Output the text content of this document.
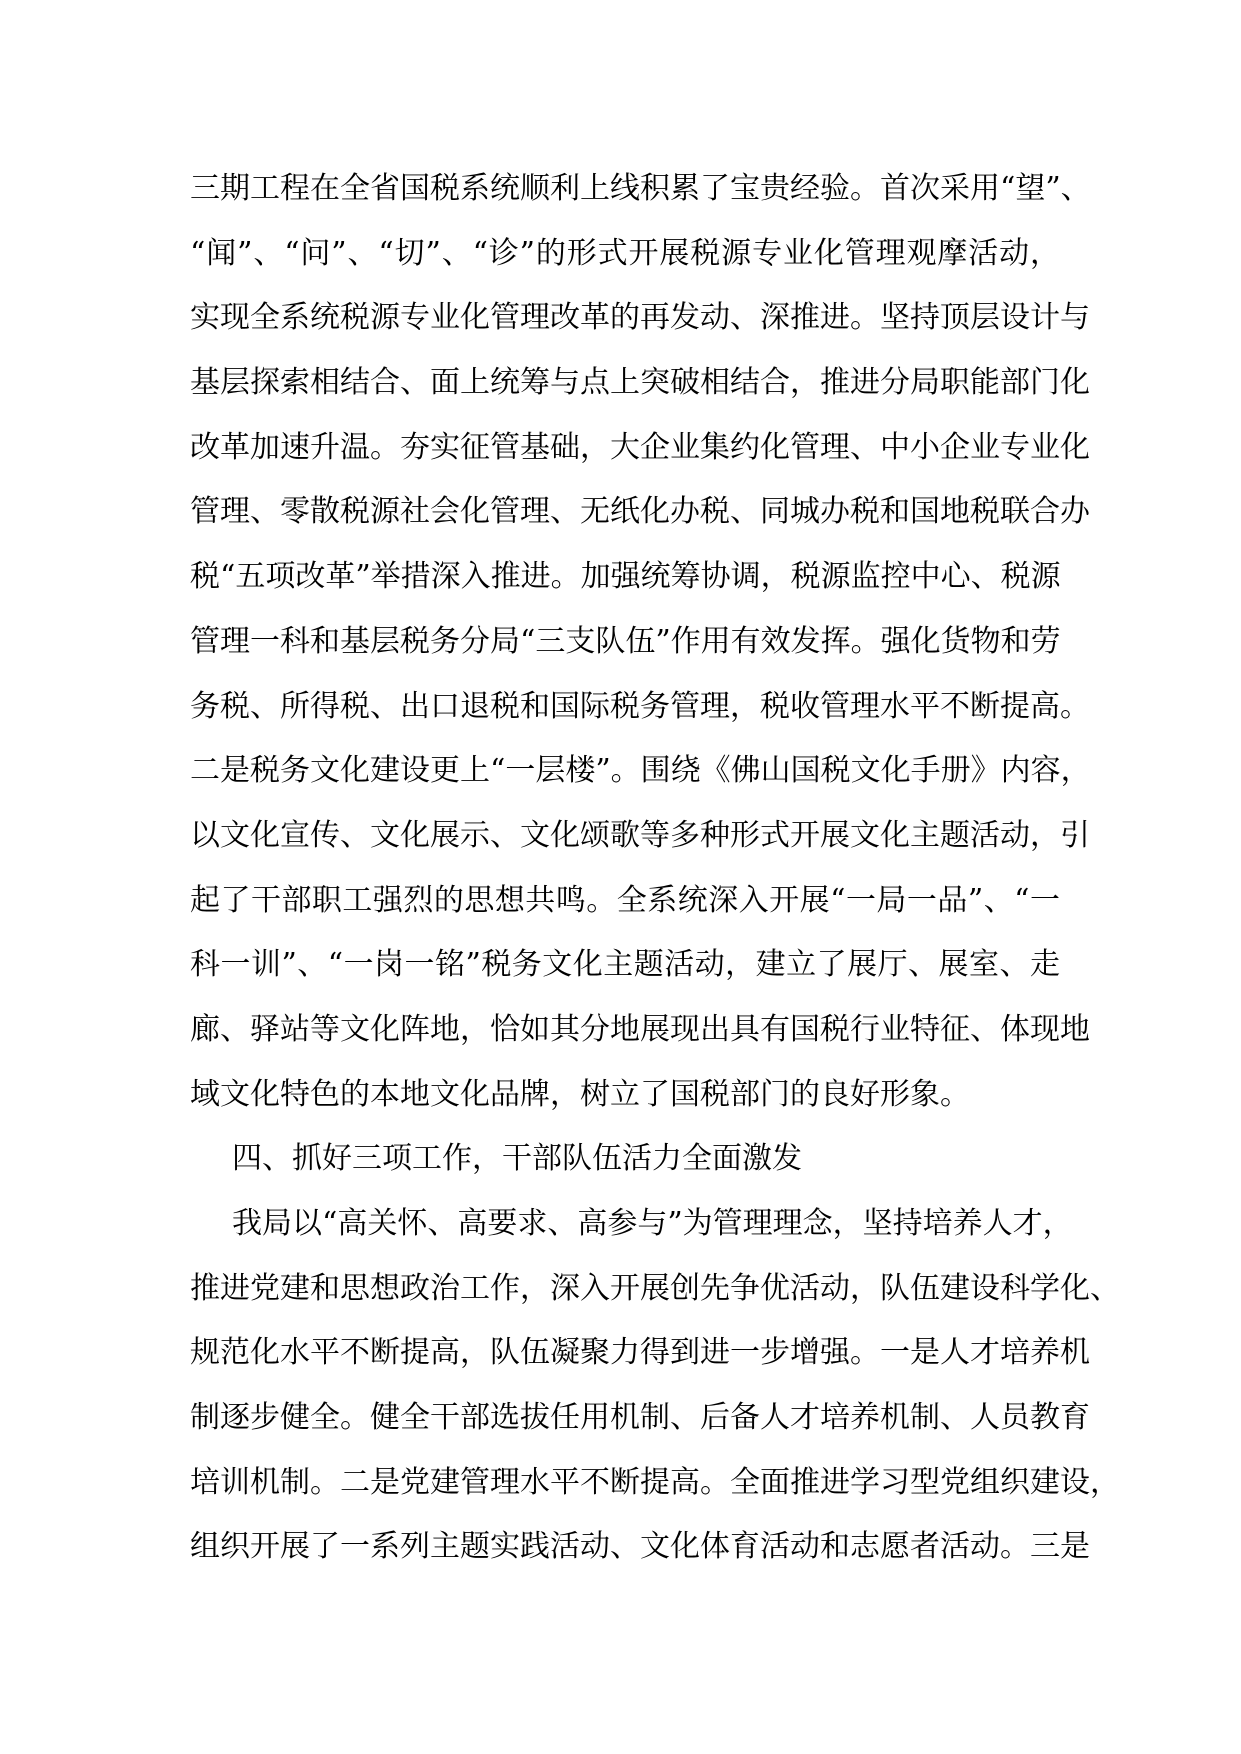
三期工程在全省国税系统顺利上线积累了宝贵经验。首次采用“望”、
“闻”、“问”、“切”、“诊”的形式开展税源专业化管理观摩活动，
实现全系统税源专业化管理改革的再发动、深推进。坚持顶层设计与
基层探索相结合、面上统筹与点上突破相结合，推进分局职能部门化
改革加速升温。夯实征管基础，大企业集约化管理、中小企业专业化
管理、零散税源社会化管理、无纸化办税、同城办税和国地税联合办
税“五项改革”举措深入推进。加强统筹协调，税源监控中心、税源
管理一科和基层税务分局“三支队伍”作用有效发挥。强化货物和劳
务税、所得税、出口退税和国际税务管理，税收管理水平不断提高。
二是税务文化建设更上“一层楼”。围绕《佛山国税文化手册》内容，
以文化宣传、文化展示、文化颂歌等多种形式开展文化主题活动，引
起了干部职工强烈的思想共鸣。全系统深入开展“一局一品”、“一
科一训”、“一岗一铭”税务文化主题活动，建立了展厅、展室、走
廊、驿站等文化阵地，恰如其分地展现出具有国税行业特征、体现地
域文化特色的本地文化品牌，树立了国税部门的良好形象。
四、抓好三项工作，干部队伍活力全面激发
我局以“高关怀、高要求、高参与”为管理理念，坚持培养人才，
推进党建和思想政治工作，深入开展创先争优活动，队伍建设科学化、
规范化水平不断提高，队伍凝聚力得到进一步增强。一是人才培养机
制逐步健全。健全干部选拔任用机制、后备人才培养机制、人员教育
培训机制。二是党建管理水平不断提高。全面推进学习型党组织建设，
组织开展了一系列主题实践活动、文化体育活动和志愿者活动。三是
